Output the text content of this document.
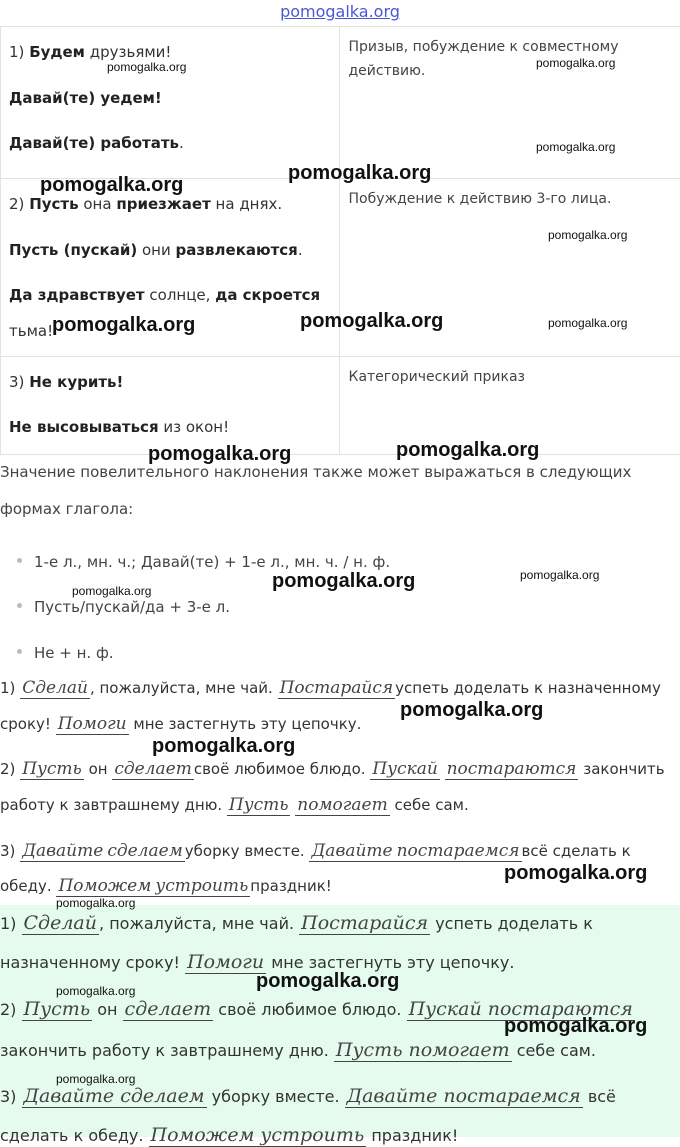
pomogalka.org
1) Будем друзьями!
Давай(те) уедем!
Давай(те) работать.	Призыв, побуждение к совместному действию.

2) Пусть она приезжает на днях.
Пусть (пускай) они развлекаются.
Да здравствует солнце, да скроется
тьма!	Побуждение к действию 3-го лица.

3) Не курить!
Не высовываться из окон!	Категорический приказ
Значение повелительного наклонения также может выражаться в следующих
формах глагола:
1-е л., мн. ч.; Давай(те) + 1-е л., мн. ч. / н. ф.
Пусть/пускай/да + 3-е л.
Не + н. ф.
1) Сделай , пожалуйста, мне чай. Постарайся успеть доделать к назначенному
сроку! Помоги мне застегнуть эту цепочку.
2) Пусть он сделает своё любимое блюдо. Пускай постараются закончить
работу к завтрашнему дню. Пусть помогает себе сам.
3) Давайте сделаем уборку вместе. Давайте постараемся всё сделать к
обеду. Поможем устроить праздник!
1) Сделай , пожалуйста, мне чай. Постарайся успеть доделать к
назначенному сроку! Помоги мне застегнуть эту цепочку.
2) Пусть он сделает своё любимое блюдо. Пускай постараются
закончить работу к завтрашнему дню. Пусть помогает себе сам.
3) Давайте сделаем уборку вместе. Давайте постараемся всё
сделать к обеду. Поможем устроить праздник!
pomogalka.org	pomogalka.org
pomogalka.org
pomogalka.org
pomogalka.org
pomogalka.org
pomogalka.org	pomogalka.org	pomogalka.org
pomogalka.org	pomogalka.org
pomogalka.org	pomogalka.org	pomogalka.org
pomogalka.org
pomogalka.org
pomogalka.org
pomogalka.org
pomogalka.org
pomogalka.org
pomogalka.org
pomogalka.org
